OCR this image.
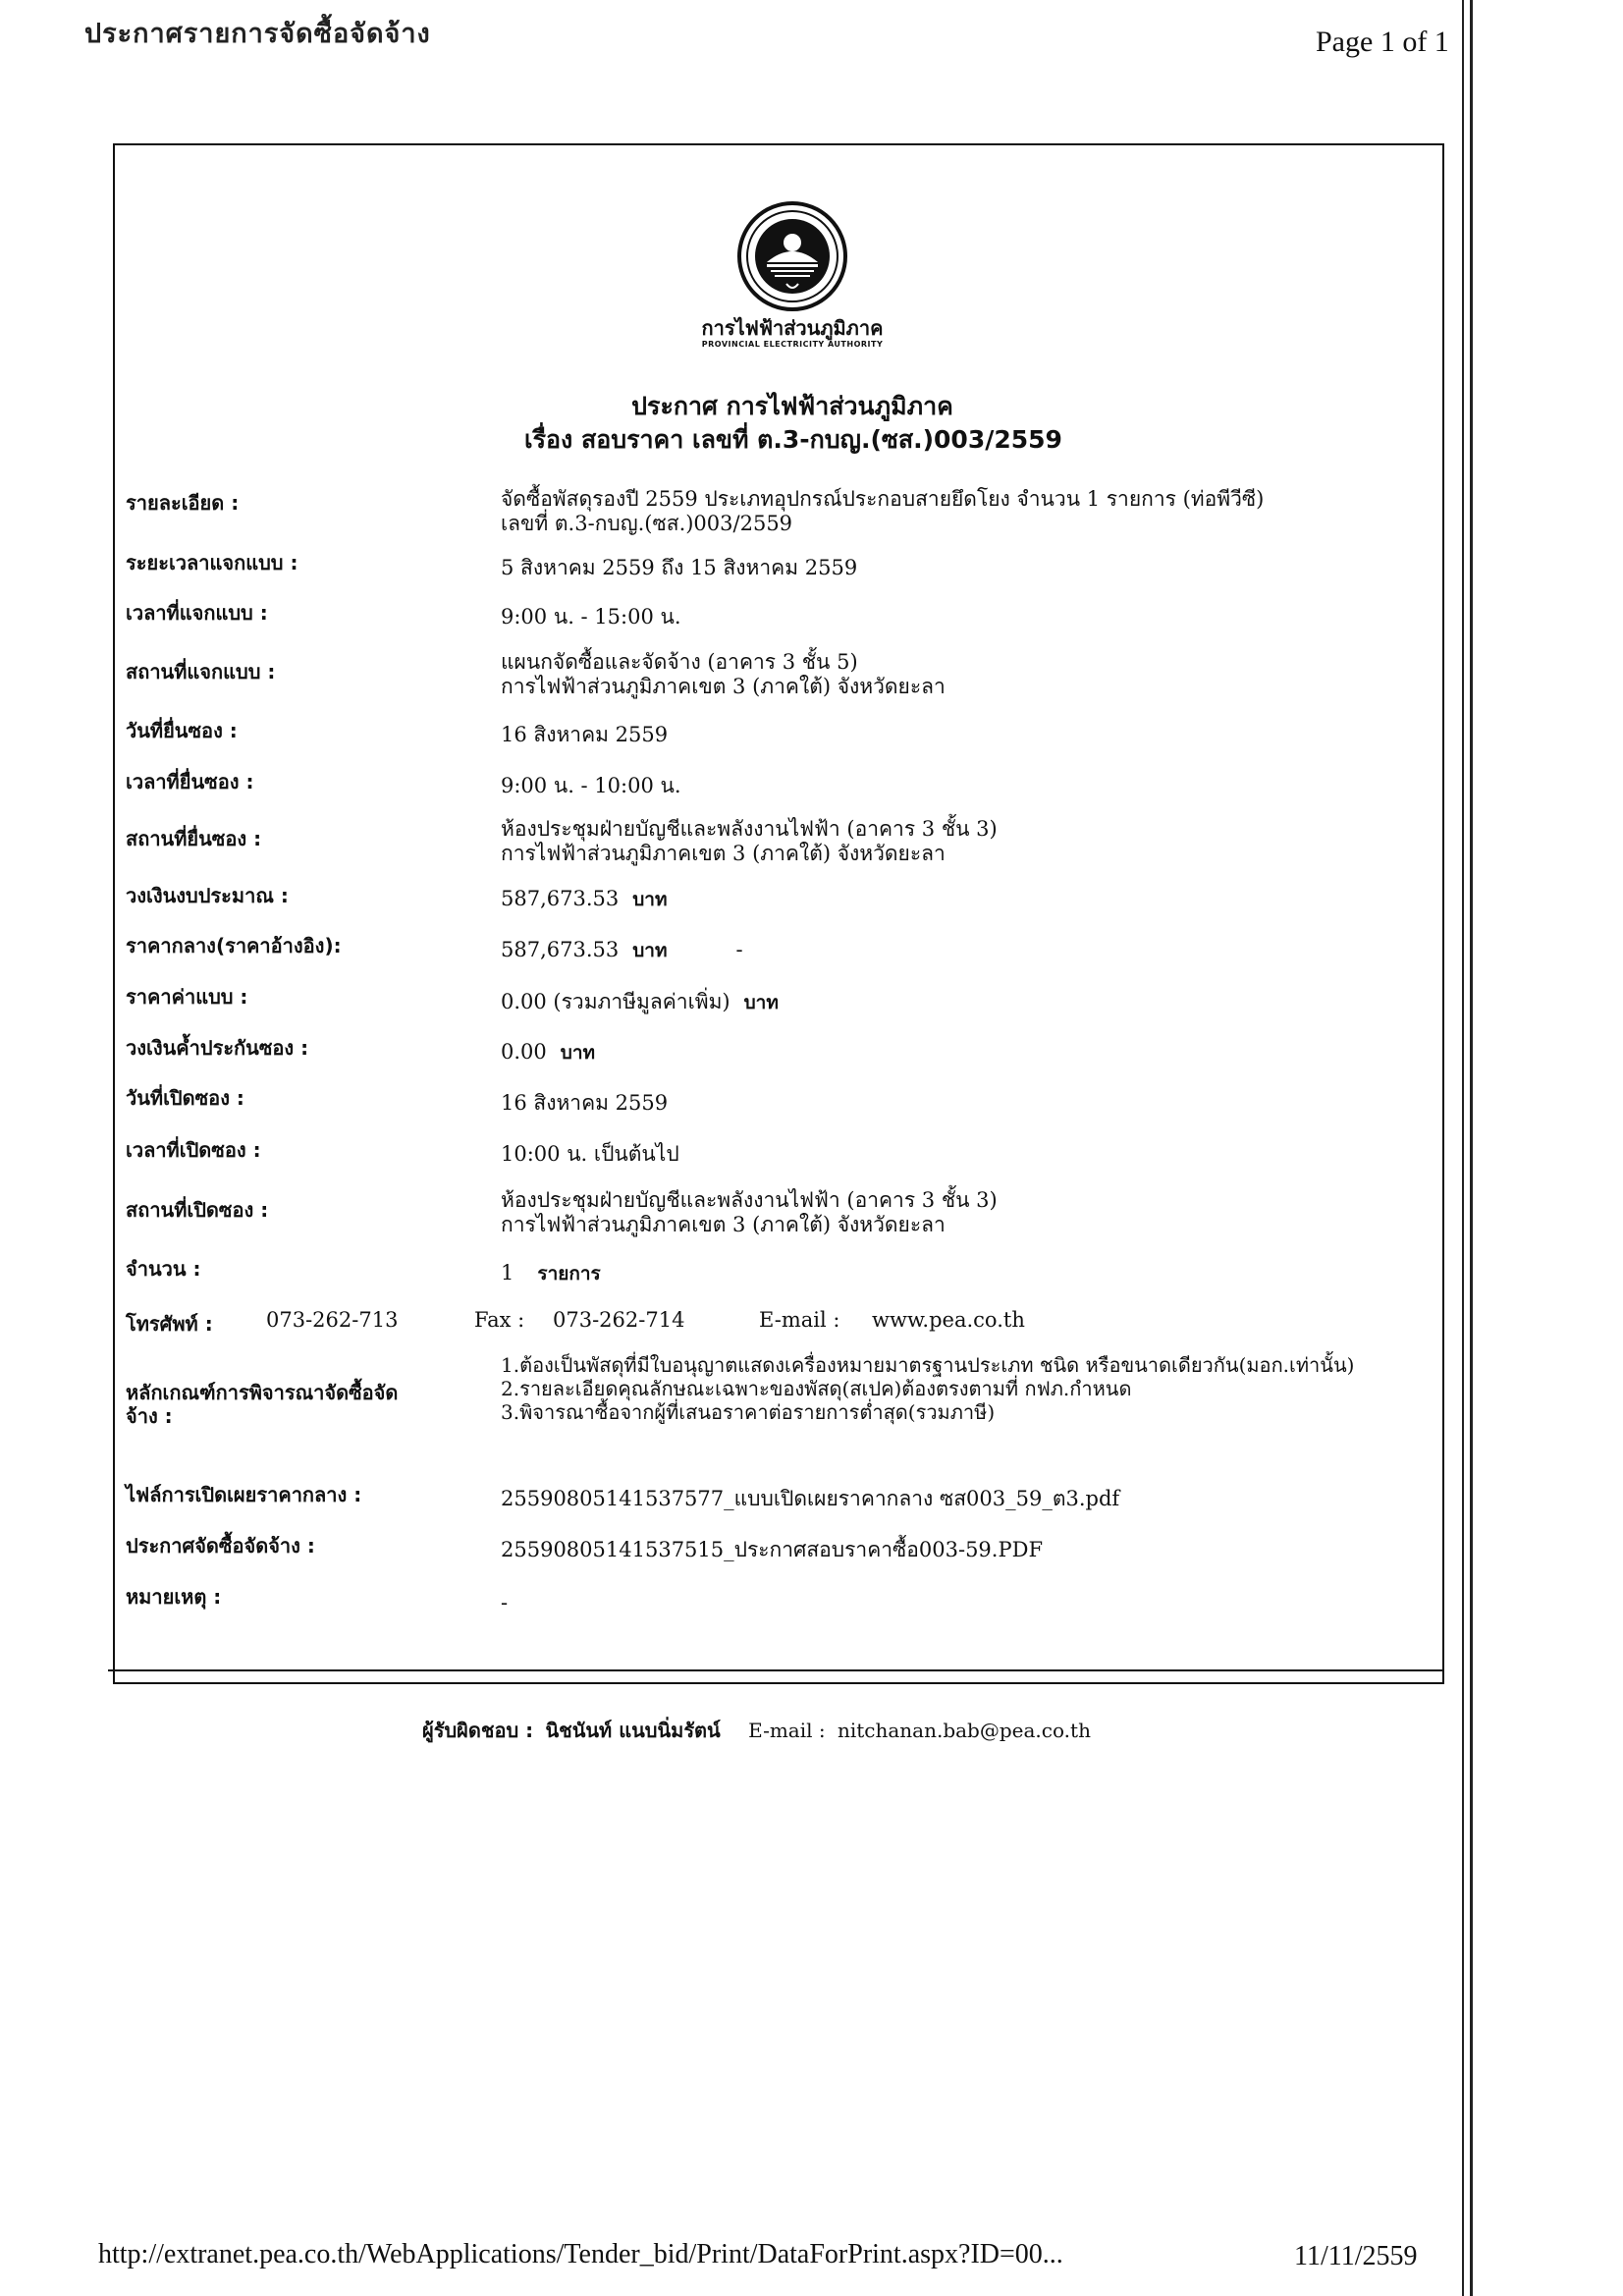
ประกาศรายการจัดซื้อจัดจ้าง	Page 1 of 1
การไฟฟ้าส่วนภูมิภาค
PROVINCIAL ELECTRICITY AUTHORITY
ประกาศ การไฟฟ้าส่วนภูมิภาค
เรื่อง สอบราคา เลขที่ ต.3-กบญ.(ซส.)003/2559
รายละเอียด :	จัดซื้อพัสดุรองปี 2559 ประเภทอุปกรณ์ประกอบสายยึดโยง จำนวน 1 รายการ (ท่อพีวีซี)
เลขที่ ต.3-กบญ.(ซส.)003/2559
ระยะเวลาแจกแบบ :	5 สิงหาคม 2559 ถึง 15 สิงหาคม 2559
เวลาที่แจกแบบ :	9:00 น. - 15:00 น.
สถานที่แจกแบบ :	แผนกจัดซื้อและจัดจ้าง (อาคาร 3 ชั้น 5)
การไฟฟ้าส่วนภูมิภาคเขต 3 (ภาคใต้) จังหวัดยะลา
วันที่ยื่นซอง :	16 สิงหาคม 2559
เวลาที่ยื่นซอง :	9:00 น. - 10:00 น.
สถานที่ยื่นซอง :	ห้องประชุมฝ่ายบัญชีและพลังงานไฟฟ้า (อาคาร 3 ชั้น 3)
การไฟฟ้าส่วนภูมิภาคเขต 3 (ภาคใต้) จังหวัดยะลา
วงเงินงบประมาณ :	587,673.53 บาท
ราคากลาง(ราคาอ้างอิง):	587,673.53 บาท	-
ราคาค่าแบบ :	0.00 (รวมภาษีมูลค่าเพิ่ม) บาท
วงเงินค้ำประกันซอง :	0.00 บาท
วันที่เปิดซอง :	16 สิงหาคม 2559
เวลาที่เปิดซอง :	10:00 น. เป็นต้นไป
สถานที่เปิดซอง :	ห้องประชุมฝ่ายบัญชีและพลังงานไฟฟ้า (อาคาร 3 ชั้น 3)
การไฟฟ้าส่วนภูมิภาคเขต 3 (ภาคใต้) จังหวัดยะลา
จำนวน :	1 รายการ
โทรศัพท์ :	073-262-713	Fax : 073-262-714	E-mail : www.pea.co.th
หลักเกณฑ์การพิจารณาจัดซื้อจัด
จ้าง :
1.ต้องเป็นพัสดุที่มีใบอนุญาตแสดงเครื่องหมายมาตรฐานประเภท ชนิด หรือขนาดเดียวกัน(มอก.เท่านั้น)
2.รายละเอียดคุณลักษณะเฉพาะของพัสดุ(สเปค)ต้องตรงตามที่ กฟภ.กำหนด
3.พิจารณาซื้อจากผู้ที่เสนอราคาต่อรายการต่ำสุด(รวมภาษี)
ไฟล์การเปิดเผยราคากลาง :	25590805141537577_แบบเปิดเผยราคากลาง ซส003_59_ต3.pdf
ประกาศจัดซื้อจัดจ้าง :	25590805141537515_ประกาศสอบราคาซื้อ003-59.PDF
หมายเหตุ :	-
ผู้รับผิดชอบ : นิชนันท์ แนบนิ่มรัตน์ E-mail : nitchanan.bab@pea.co.th
http://extranet.pea.co.th/WebApplications/Tender_bid/Print/DataForPrint.aspx?ID=00...	11/11/2559
